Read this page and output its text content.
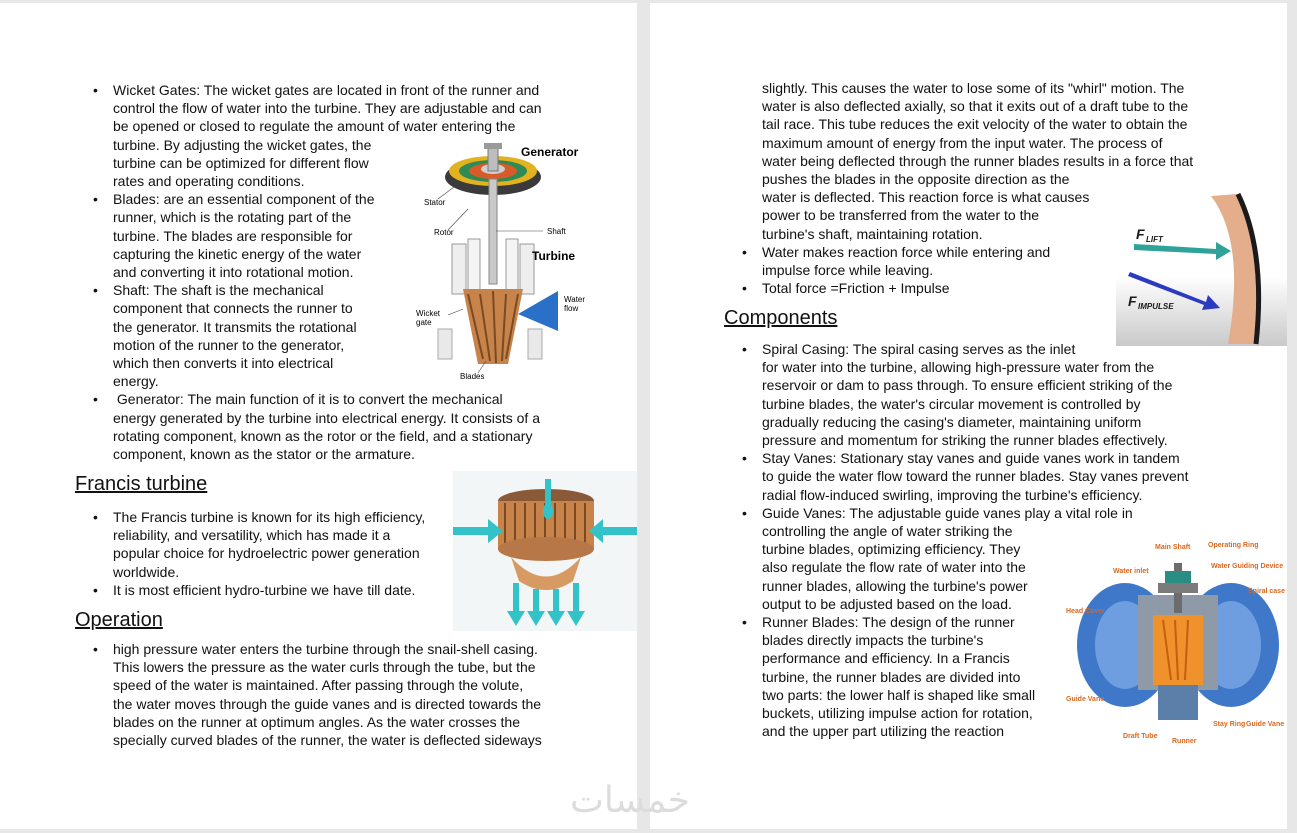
• Wicket Gates: The wicket gates are located in front of the runner and
control the flow of water into the turbine. They are adjustable and can
be opened or closed to regulate the amount of water entering the
turbine. By adjusting the wicket gates, the
turbine can be optimized for different flow
rates and operating conditions.
• Blades: are an essential component of the
runner, which is the rotating part of the
turbine. The blades are responsible for
capturing the kinetic energy of the water
and converting it into rotational motion.
• Shaft: The shaft is the mechanical
component that connects the runner to
the generator. It transmits the rotational
motion of the runner to the generator,
which then converts it into electrical
energy.
•  Generator: The main function of it is to convert the mechanical
energy generated by the turbine into electrical energy. It consists of a
rotating component, known as the rotor or the field, and a stationary
component, known as the stator or the armature.
Generator
Stator
Rotor	Shaft
Turbine
Wicket
gate
Water
flow
Blades
Francis turbine
• The Francis turbine is known for its high efficiency,
reliability, and versatility, which has made it a
popular choice for hydroelectric power generation
worldwide.
• It is most efficient hydro-turbine we have till date.
Operation
• high pressure water enters the turbine through the snail-shell casing.
This lowers the pressure as the water curls through the tube, but the
speed of the water is maintained. After passing through the volute,
the water moves through the guide vanes and is directed towards the
blades on the runner at optimum angles. As the water crosses the
specially curved blades of the runner, the water is deflected sideways
slightly. This causes the water to lose some of its "whirl" motion. The
water is also deflected axially, so that it exits out of a draft tube to the
tail race. This tube reduces the exit velocity of the water to obtain the
maximum amount of energy from the input water. The process of
water being deflected through the runner blades results in a force that
pushes the blades in the opposite direction as the
water is deflected. This reaction force is what causes
power to be transferred from the water to the
turbine's shaft, maintaining rotation.
• Water makes reaction force while entering and
impulse force while leaving.
• Total force =Friction + Impulse
F LIFT
F IMPULSE
Components
• Spiral Casing: The spiral casing serves as the inlet
for water into the turbine, allowing high-pressure water from the
reservoir or dam to pass through. To ensure efficient striking of the
turbine blades, the water's circular movement is controlled by
gradually reducing the casing's diameter, maintaining uniform
pressure and momentum for striking the runner blades effectively.
• Stay Vanes: Stationary stay vanes and guide vanes work in tandem
to guide the water flow toward the runner blades. Stay vanes prevent
radial flow-induced swirling, improving the turbine's efficiency.
• Guide Vanes: The adjustable guide vanes play a vital role in
controlling the angle of water striking the
turbine blades, optimizing efficiency. They
also regulate the flow rate of water into the
runner blades, allowing the turbine's power
output to be adjusted based on the load.
• Runner Blades: The design of the runner
blades directly impacts the turbine's
performance and efficiency. In a Francis
turbine, the runner blades are divided into
two parts: the lower half is shaped like small
buckets, utilizing impulse action for rotation,
and the upper part utilizing the reaction
Main Shaft	Operating Ring
Water inlet
Water Guiding Device
Spiral case
Head Cover
Guide Vane
Draft Tube
Runner
Stay Ring Guide Vane
خمسات
